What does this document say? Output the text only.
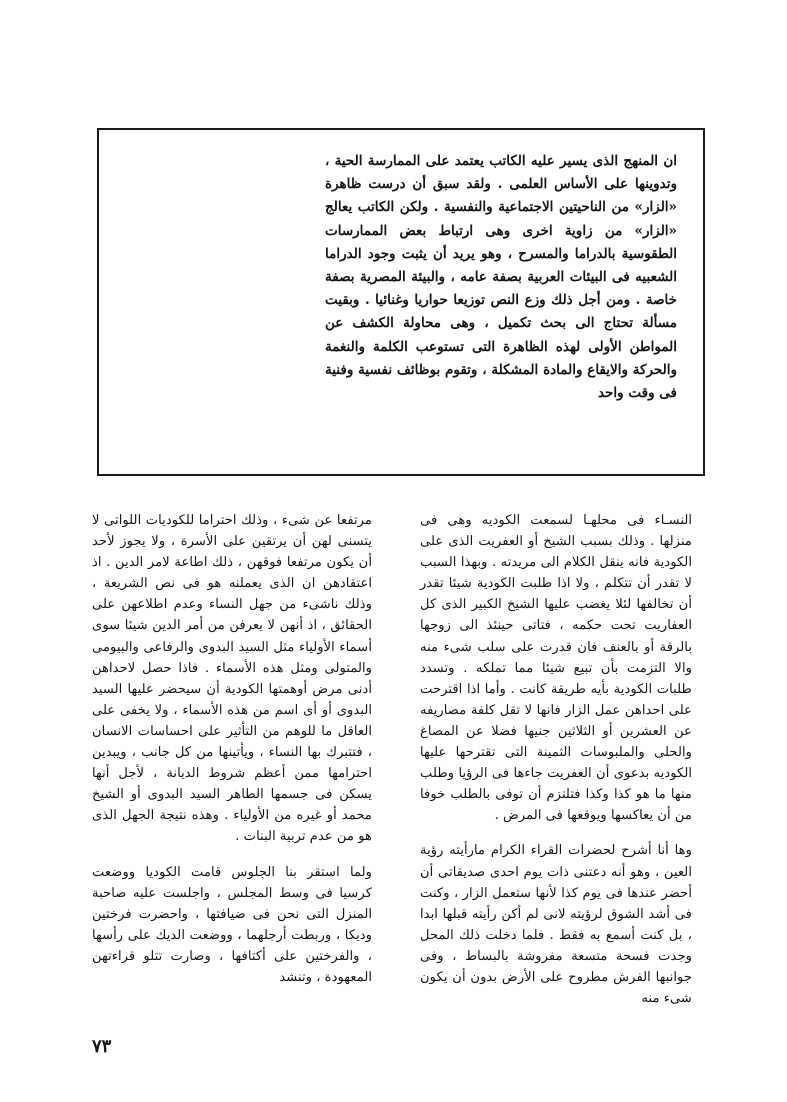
ان المنهج الذى يسير عليه الكاتب يعتمد على الممارسة الحية ، وتدوينها على الأساس العلمى . ولقد سبق أن درست ظاهرة «الزار» من الناحيتين الاجتماعية والنفسية . ولكن الكاتب يعالج «الزار» من زاوية اخرى وهى ارتباط بعض الممارسات الطقوسية بالدراما والمسرح ، وهو يريد أن يثبت وجود الدراما الشعبيه فى البيئات العربية بصفة عامه ، والبيئة المصرية بصفة خاصة . ومن أجل ذلك وزع النص توزيعا حواريا وغنائيا . وبقيت مسألة تحتاج الى بحث تكميل ، وهى محاولة الكشف عن المواطن الأولى لهذه الظاهرة التى تستوعب الكلمة والنغمة والحركة والايقاع والمادة المشكلة ، وتقوم بوظائف نفسية وفنية فى وقت واحد

النسـاء فى محلهـا لسمعت الكوديه وهى فى منزلها . وذلك بسبب الشيخ أو العفريت الذى على الكودية فانه ينقل الكلام الى مريدته . وبهذا السبب لا تقدر أن تتكلم ، ولا اذا طلبت الكودية شيئا تقدر أن تخالفها لئلا يغضب عليها الشيخ الكبير الذى كل العفاريت تحت حكمه ، فتاتى حينئذ الى زوجها بالرقة أو بالعنف فان قدرت على سلب شىء منه والا التزمت بأن تبيع شيئا مما تملكه . وتسدد طلبات الكودية بأيه طريقة كانت . وأما اذا اقترحت على احداهن عمل الزار فانها لا تقل كلفة مصاريفه عن العشرين أو الثلاثين جنيها فضلا عن المصاغ والحلى والملبوسات الثمينة التى تقترحها عليها الكوديه بدعوى أن العفريت جاءها فى الرؤيا وطلب منها ما هو كذا وكذا فتلتزم أن توفى بالطلب خوفا من أن يعاكسها ويوقعها فى المرض .

وها أنا أشرح لحضرات القراء الكرام مارأيته رؤية العين ، وهو أنه دعتنى ذات يوم احدى صديقاتى أن أحضر عندها فى يوم كذا لأنها ستعمل الزار ، وكنت فى أشد الشوق لرؤيته لانى لم أكن رأيته قبلها ابدا ، بل كنت أسمع به فقط . فلما دخلت ذلك المحل وجدت فسحة متسعة مفروشة بالبساط ، وفى جوانبها الفرش مطروح على الأرض بدون أن يكون شىء منه

مرتفعا عن شىء ، وذلك احتراما للكوديات اللواتى لا يتسنى لهن أن يرتقين على الأسرة ، ولا يجوز لأحد أن يكون مرتفعا فوقهن ، ذلك اطاعة لامر الدين . اذ اعتقادهن ان الذى يعملنه هو فى نص الشريعة ، وذلك ناشىء من جهل النساء وعدم اطلاعهن على الحقائق ، اذ أنهن لا يعرفن من أمر الدين شيئا سوى أسماء الأولياء مثل السيد البدوى والرفاعى والبيومى والمتولى ومثل هذه الأسماء . فاذا حصل لاحداهن أدنى مرض أوهمتها الكودية أن سيحضر عليها السيد البدوى أو أى اسم من هذه الأسماء ، ولا يخفى على العاقل ما للوهم من التأثير على احساسات الانسان ، فتتبرك بها النساء ، ويأتينها من كل جانب ، ويبدين احترامها ممن أعظم شروط الديانة ، لأجل أنها يسكن فى جسمها الطاهر السيد البدوى أو الشيخ محمد أو غيره من الأولياء . وهذه نتيجة الجهل الذى هو من عدم تربية البنات .

ولما استقر بنا الجلوس قامت الكوديا ووضعت كرسيا فى وسط المجلس ، واجلست عليه صاحبة المنزل التى نحن فى ضيافتها ، واحضرت فرختين وديكا ، وربطت أرجلهما ، ووضعت الديك على رأسها ، والفرختين على أكتافها ، وصارت تتلو قراءتهن المعهودة ، وتنشد

٧٣
